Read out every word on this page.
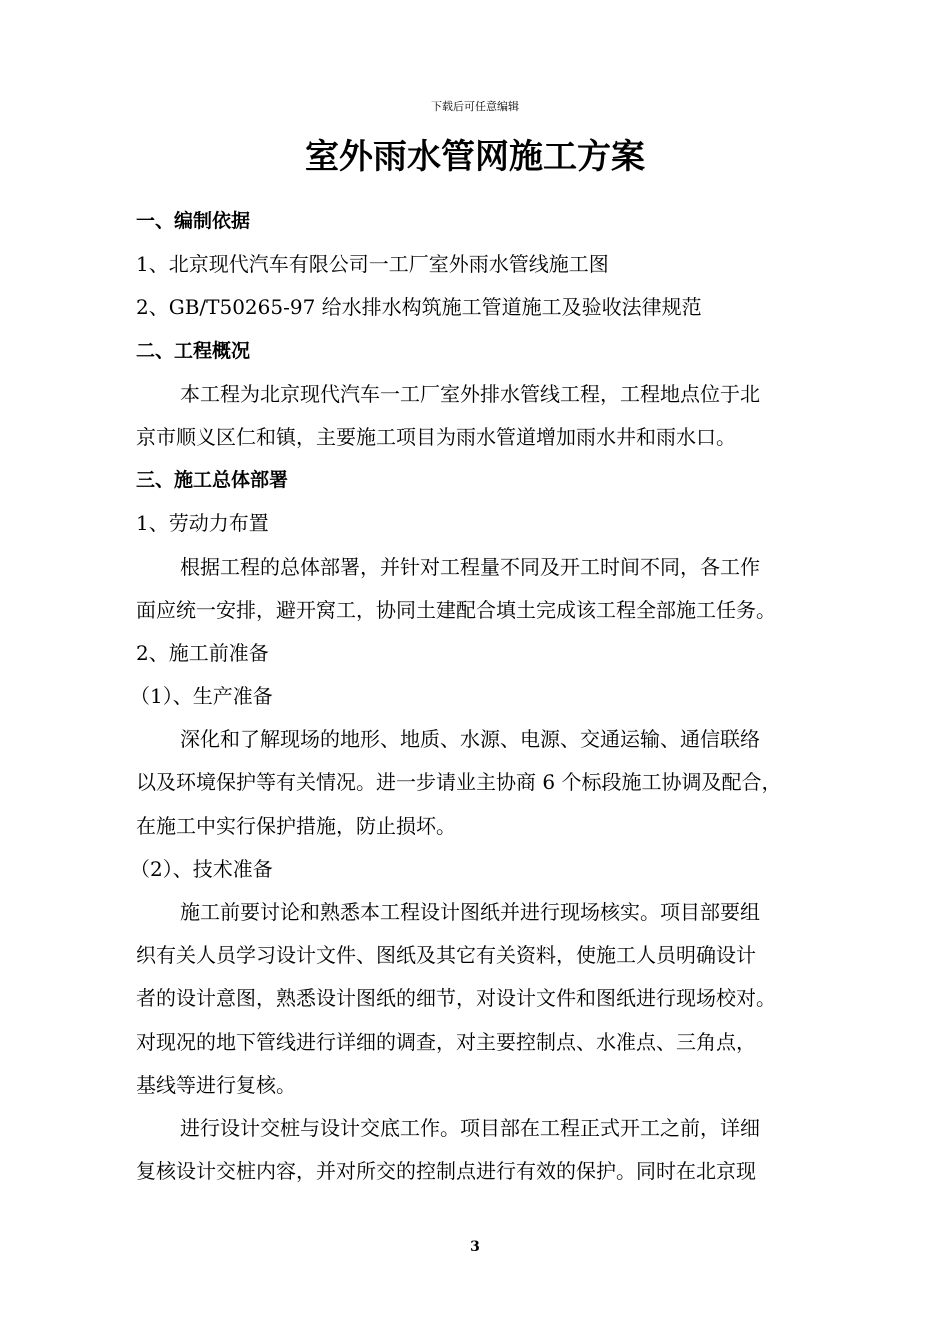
下载后可任意编辑
室外雨水管网施工方案
一、编制依据
1、北京现代汽车有限公司一工厂室外雨水管线施工图
2、GB/T50265-97 给水排水构筑施工管道施工及验收法律规范
二、工程概况
本工程为北京现代汽车一工厂室外排水管线工程，工程地点位于北
京市顺义区仁和镇，主要施工项目为雨水管道增加雨水井和雨水口。
三、施工总体部署
1、劳动力布置
根据工程的总体部署，并针对工程量不同及开工时间不同，各工作
面应统一安排，避开窝工，协同土建配合填土完成该工程全部施工任务。
2、施工前准备
（1）、生产准备
深化和了解现场的地形、地质、水源、电源、交通运输、通信联络
以及环境保护等有关情况。进一步请业主协商 6 个标段施工协调及配合，
在施工中实行保护措施，防止损坏。
（2）、技术准备
施工前要讨论和熟悉本工程设计图纸并进行现场核实。项目部要组
织有关人员学习设计文件、图纸及其它有关资料，使施工人员明确设计
者的设计意图，熟悉设计图纸的细节，对设计文件和图纸进行现场校对。
对现况的地下管线进行详细的调查，对主要控制点、水准点、三角点，
基线等进行复核。
进行设计交桩与设计交底工作。项目部在工程正式开工之前，详细
复核设计交桩内容，并对所交的控制点进行有效的保护。同时在北京现
3
